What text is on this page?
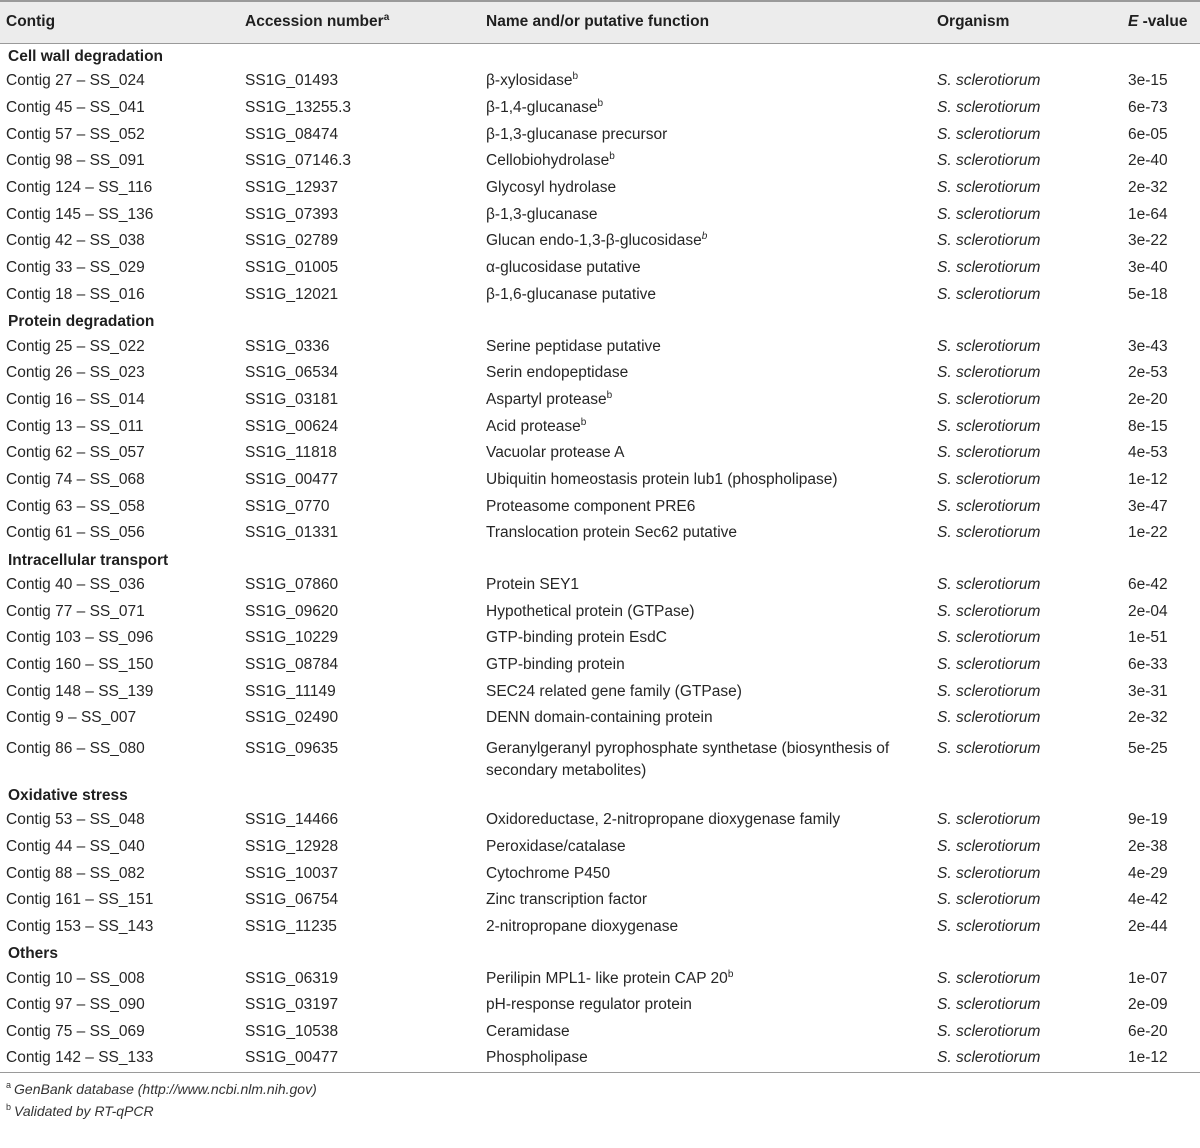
Contig	Accession number$^a$	Name and/or putative function	Organism	E -value
Cell wall degradation				
Contig 27 – SS_024	SS1G_01493	β-xylosidase$^b$	S. sclerotiorum	3e-15
Contig 45 – SS_041	SS1G_13255.3	β-1,4-glucanase$^b$	S. sclerotiorum	6e-73
Contig 57 – SS_052	SS1G_08474	β-1,3-glucanase precursor	S. sclerotiorum	6e-05
Contig 98 – SS_091	SS1G_07146.3	Cellobiohydrolase$^b$	S. sclerotiorum	2e-40
Contig 124 – SS_116	SS1G_12937	Glycosyl hydrolase	S. sclerotiorum	2e-32
Contig 145 – SS_136	SS1G_07393	β-1,3-glucanase	S. sclerotiorum	1e-64
Contig 42 – SS_038	SS1G_02789	Glucan endo-1,3-β-glucosidase$^b$	S. sclerotiorum	3e-22
Contig 33 – SS_029	SS1G_01005	α-glucosidase putative	S. sclerotiorum	3e-40
Contig 18 – SS_016	SS1G_12021	β-1,6-glucanase putative	S. sclerotiorum	5e-18
Protein degradation				
Contig 25 – SS_022	SS1G_0336	Serine peptidase putative	S. sclerotiorum	3e-43
Contig 26 – SS_023	SS1G_06534	Serin endopeptidase	S. sclerotiorum	2e-53
Contig 16 – SS_014	SS1G_03181	Aspartyl protease$^b$	S. sclerotiorum	2e-20
Contig 13 – SS_011	SS1G_00624	Acid protease$^b$	S. sclerotiorum	8e-15
Contig 62 – SS_057	SS1G_11818	Vacuolar protease A	S. sclerotiorum	4e-53
Contig 74 – SS_068	SS1G_00477	Ubiquitin homeostasis protein lub1 (phospholipase)	S. sclerotiorum	1e-12
Contig 63 – SS_058	SS1G_0770	Proteasome component PRE6	S. sclerotiorum	3e-47
Contig 61 – SS_056	SS1G_01331	Translocation protein Sec62 putative	S. sclerotiorum	1e-22
Intracellular transport				
Contig 40 – SS_036	SS1G_07860	Protein SEY1	S. sclerotiorum	6e-42
Contig 77 – SS_071	SS1G_09620	Hypothetical protein (GTPase)	S. sclerotiorum	2e-04
Contig 103 – SS_096	SS1G_10229	GTP-binding protein EsdC	S. sclerotiorum	1e-51
Contig 160 – SS_150	SS1G_08784	GTP-binding protein	S. sclerotiorum	6e-33
Contig 148 – SS_139	SS1G_11149	SEC24 related gene family (GTPase)	S. sclerotiorum	3e-31
Contig 9 – SS_007	SS1G_02490	DENN domain-containing protein	S. sclerotiorum	2e-32
Contig 86 – SS_080	SS1G_09635	Geranylgeranyl pyrophosphate synthetase (biosynthesis of secondary metabolites)	S. sclerotiorum	5e-25
Oxidative stress				
Contig 53 – SS_048	SS1G_14466	Oxidoreductase, 2-nitropropane dioxygenase family	S. sclerotiorum	9e-19
Contig 44 – SS_040	SS1G_12928	Peroxidase/catalase	S. sclerotiorum	2e-38
Contig 88 – SS_082	SS1G_10037	Cytochrome P450	S. sclerotiorum	4e-29
Contig 161 – SS_151	SS1G_06754	Zinc transcription factor	S. sclerotiorum	4e-42
Contig 153 – SS_143	SS1G_11235	2-nitropropane dioxygenase	S. sclerotiorum	2e-44
Others				
Contig 10 – SS_008	SS1G_06319	Perilipin MPL1- like protein CAP 20$^b$	S. sclerotiorum	1e-07
Contig 97 – SS_090	SS1G_03197	pH-response regulator protein	S. sclerotiorum	2e-09
Contig 75 – SS_069	SS1G_10538	Ceramidase	S. sclerotiorum	6e-20
Contig 142 – SS_133	SS1G_00477	Phospholipase	S. sclerotiorum	1e-12
$^a$ GenBank database (http://www.ncbi.nlm.nih.gov)
$^b$ Validated by RT-qPCR
